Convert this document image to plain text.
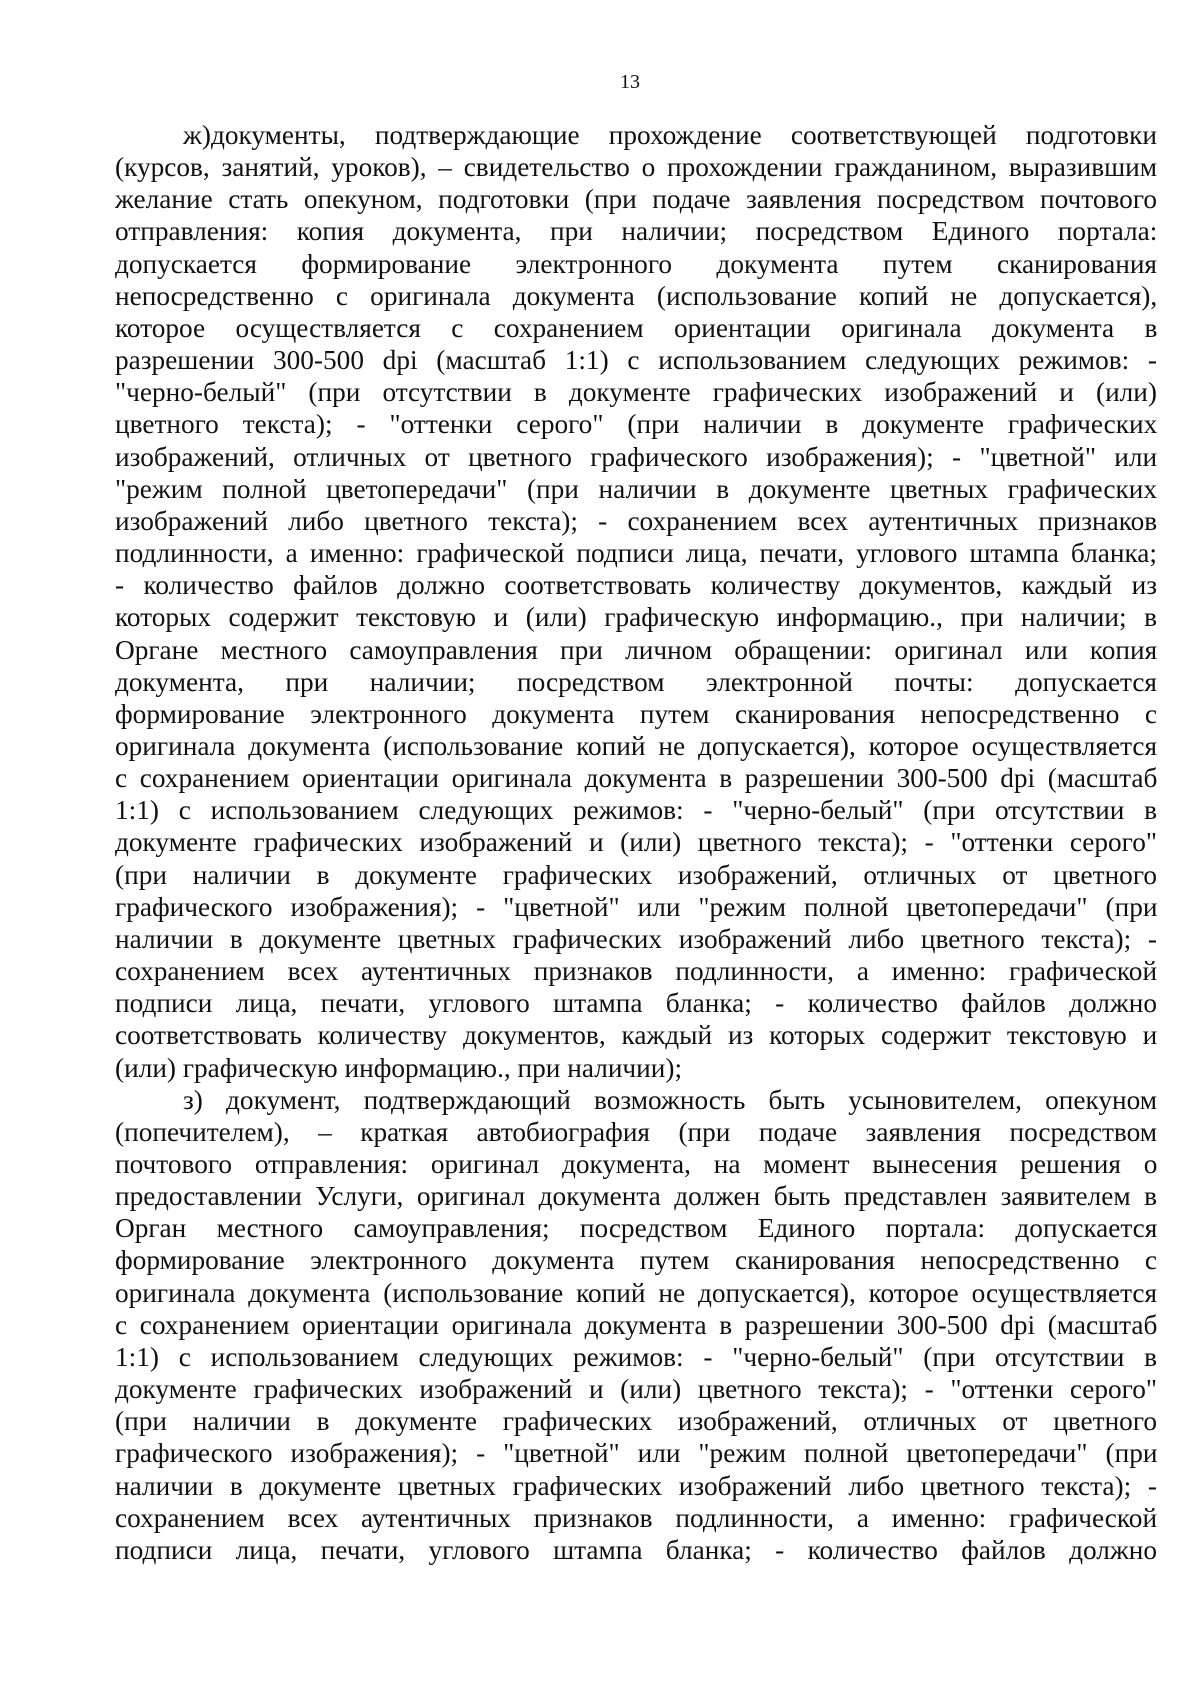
13

ж)документы, подтверждающие прохождение соответствующей подготовки
(курсов, занятий, уроков), – свидетельство о прохождении гражданином, выразившим
желание стать опекуном, подготовки (при подаче заявления посредством почтового
отправления: копия документа, при наличии; посредством Единого портала:
допускается формирование электронного документа путем сканирования
непосредственно с оригинала документа (использование копий не допускается),
которое осуществляется с сохранением ориентации оригинала документа в
разрешении 300-500 dpi (масштаб 1:1) с использованием следующих режимов: -
"черно-белый" (при отсутствии в документе графических изображений и (или)
цветного текста); - "оттенки серого" (при наличии в документе графических
изображений, отличных от цветного графического изображения); - "цветной" или
"режим полной цветопередачи" (при наличии в документе цветных графических
изображений либо цветного текста); - сохранением всех аутентичных признаков
подлинности, а именно: графической подписи лица, печати, углового штампа бланка;
- количество файлов должно соответствовать количеству документов, каждый из
которых содержит текстовую и (или) графическую информацию., при наличии; в
Органе местного самоуправления при личном обращении: оригинал или копия
документа, при наличии; посредством электронной почты: допускается
формирование электронного документа путем сканирования непосредственно с
оригинала документа (использование копий не допускается), которое осуществляется
с сохранением ориентации оригинала документа в разрешении 300-500 dpi (масштаб
1:1) с использованием следующих режимов: - "черно-белый" (при отсутствии в
документе графических изображений и (или) цветного текста); - "оттенки серого"
(при наличии в документе графических изображений, отличных от цветного
графического изображения); - "цветной" или "режим полной цветопередачи" (при
наличии в документе цветных графических изображений либо цветного текста); -
сохранением всех аутентичных признаков подлинности, а именно: графической
подписи лица, печати, углового штампа бланка; - количество файлов должно
соответствовать количеству документов, каждый из которых содержит текстовую и
(или) графическую информацию., при наличии);

з) документ, подтверждающий возможность быть усыновителем, опекуном
(попечителем), – краткая автобиография (при подаче заявления посредством
почтового отправления: оригинал документа, на момент вынесения решения о
предоставлении Услуги, оригинал документа должен быть представлен заявителем в
Орган местного самоуправления; посредством Единого портала: допускается
формирование электронного документа путем сканирования непосредственно с
оригинала документа (использование копий не допускается), которое осуществляется
с сохранением ориентации оригинала документа в разрешении 300-500 dpi (масштаб
1:1) с использованием следующих режимов: - "черно-белый" (при отсутствии в
документе графических изображений и (или) цветного текста); - "оттенки серого"
(при наличии в документе графических изображений, отличных от цветного
графического изображения); - "цветной" или "режим полной цветопередачи" (при
наличии в документе цветных графических изображений либо цветного текста); -
сохранением всех аутентичных признаков подлинности, а именно: графической
подписи лица, печати, углового штампа бланка; - количество файлов должно
